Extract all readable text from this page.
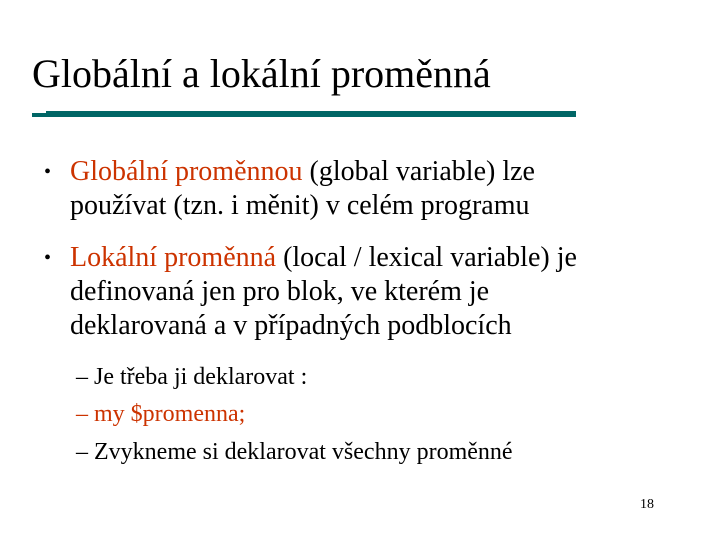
Globální a lokální proměnná
• Globální proměnnou (global variable) lze
používat (tzn. i měnit) v celém programu
• Lokální proměnná (local / lexical variable) je
definovaná jen pro blok, ve kterém je
deklarovaná a v případných podblocích
– Je třeba ji deklarovat :
– my $promenna;
– Zvykneme si deklarovat všechny proměnné
18
